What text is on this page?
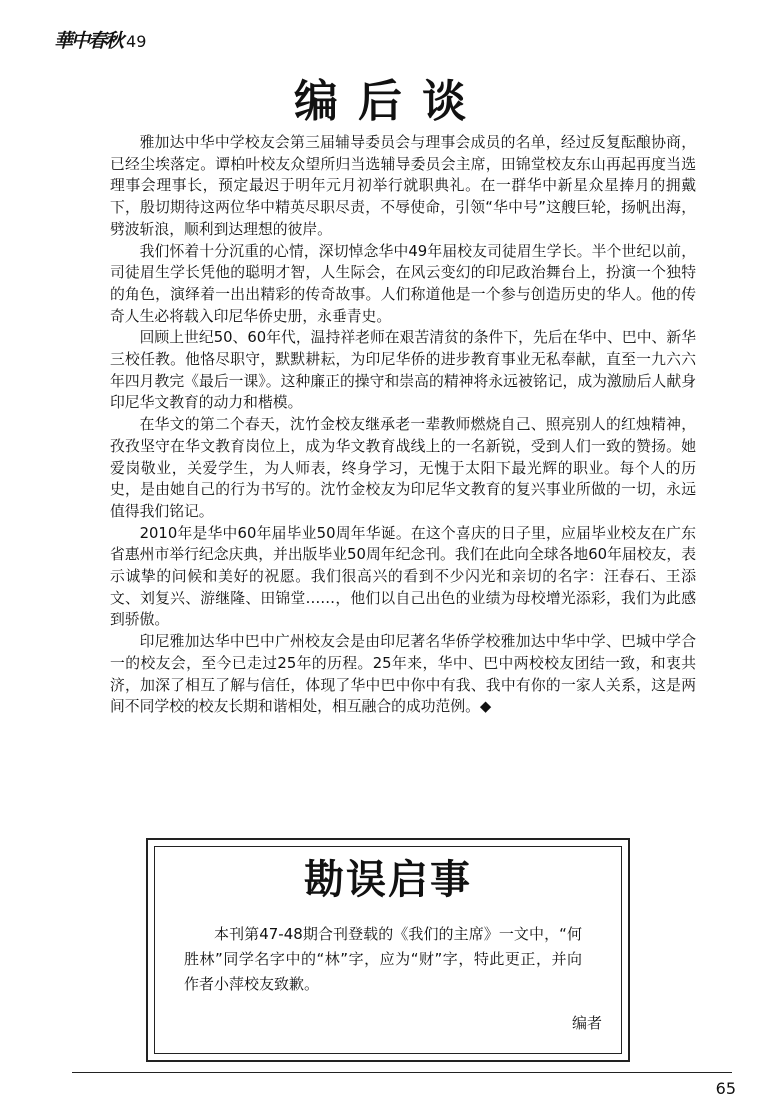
華中春秋 49
编后谈

雅加达中华中学校友会第三届辅导委员会与理事会成员的名单，经过反复酝酿协商，已经尘埃落定。谭柏叶校友众望所归当选辅导委员会主席，田锦堂校友东山再起再度当选理事会理事长，预定最迟于明年元月初举行就职典礼。在一群华中新星众星捧月的拥戴下，殷切期待这两位华中精英尽职尽责，不辱使命，引领“华中号”这艘巨轮，扬帆出海，劈波斩浪，顺利到达理想的彼岸。

我们怀着十分沉重的心情，深切悼念华中49年届校友司徒眉生学长。半个世纪以前，司徒眉生学长凭他的聪明才智，人生际会，在风云变幻的印尼政治舞台上，扮演一个独特的角色，演绎着一出出精彩的传奇故事。人们称道他是一个参与创造历史的华人。他的传奇人生必将载入印尼华侨史册，永垂青史。

回顾上世纪50、60年代，温持祥老师在艰苦清贫的条件下，先后在华中、巴中、新华三校任教。他恪尽职守，默默耕耘，为印尼华侨的进步教育事业无私奉献，直至一九六六年四月教完《最后一课》。这种廉正的操守和崇高的精神将永远被铭记，成为激励后人献身印尼华文教育的动力和楷模。

在华文的第二个春天，沈竹金校友继承老一辈教师燃烧自己、照亮别人的红烛精神，孜孜坚守在华文教育岗位上，成为华文教育战线上的一名新锐，受到人们一致的赞扬。她爱岗敬业，关爱学生，为人师表，终身学习，无愧于太阳下最光辉的职业。每个人的历史，是由她自己的行为书写的。沈竹金校友为印尼华文教育的复兴事业所做的一切，永远值得我们铭记。

2010年是华中60年届毕业50周年华诞。在这个喜庆的日子里，应届毕业校友在广东省惠州市举行纪念庆典，并出版毕业50周年纪念刊。我们在此向全球各地60年届校友，表示诚挚的问候和美好的祝愿。我们很高兴的看到不少闪光和亲切的名字：汪春石、王添文、刘复兴、游继隆、田锦堂……，他们以自己出色的业绩为母校增光添彩，我们为此感到骄傲。

印尼雅加达华中巴中广州校友会是由印尼著名华侨学校雅加达中华中学、巴城中学合一的校友会，至今已走过25年的历程。25年来，华中、巴中两校校友团结一致，和衷共济，加深了相互了解与信任，体现了华中巴中你中有我、我中有你的一家人关系，这是两间不同学校的校友长期和谐相处，相互融合的成功范例。◆

勘误启事

本刊第47-48期合刊登载的《我们的主席》一文中，“何胜林”同学名字中的“林”字，应为“财”字，特此更正，并向作者小萍校友致歉。

编者
65
